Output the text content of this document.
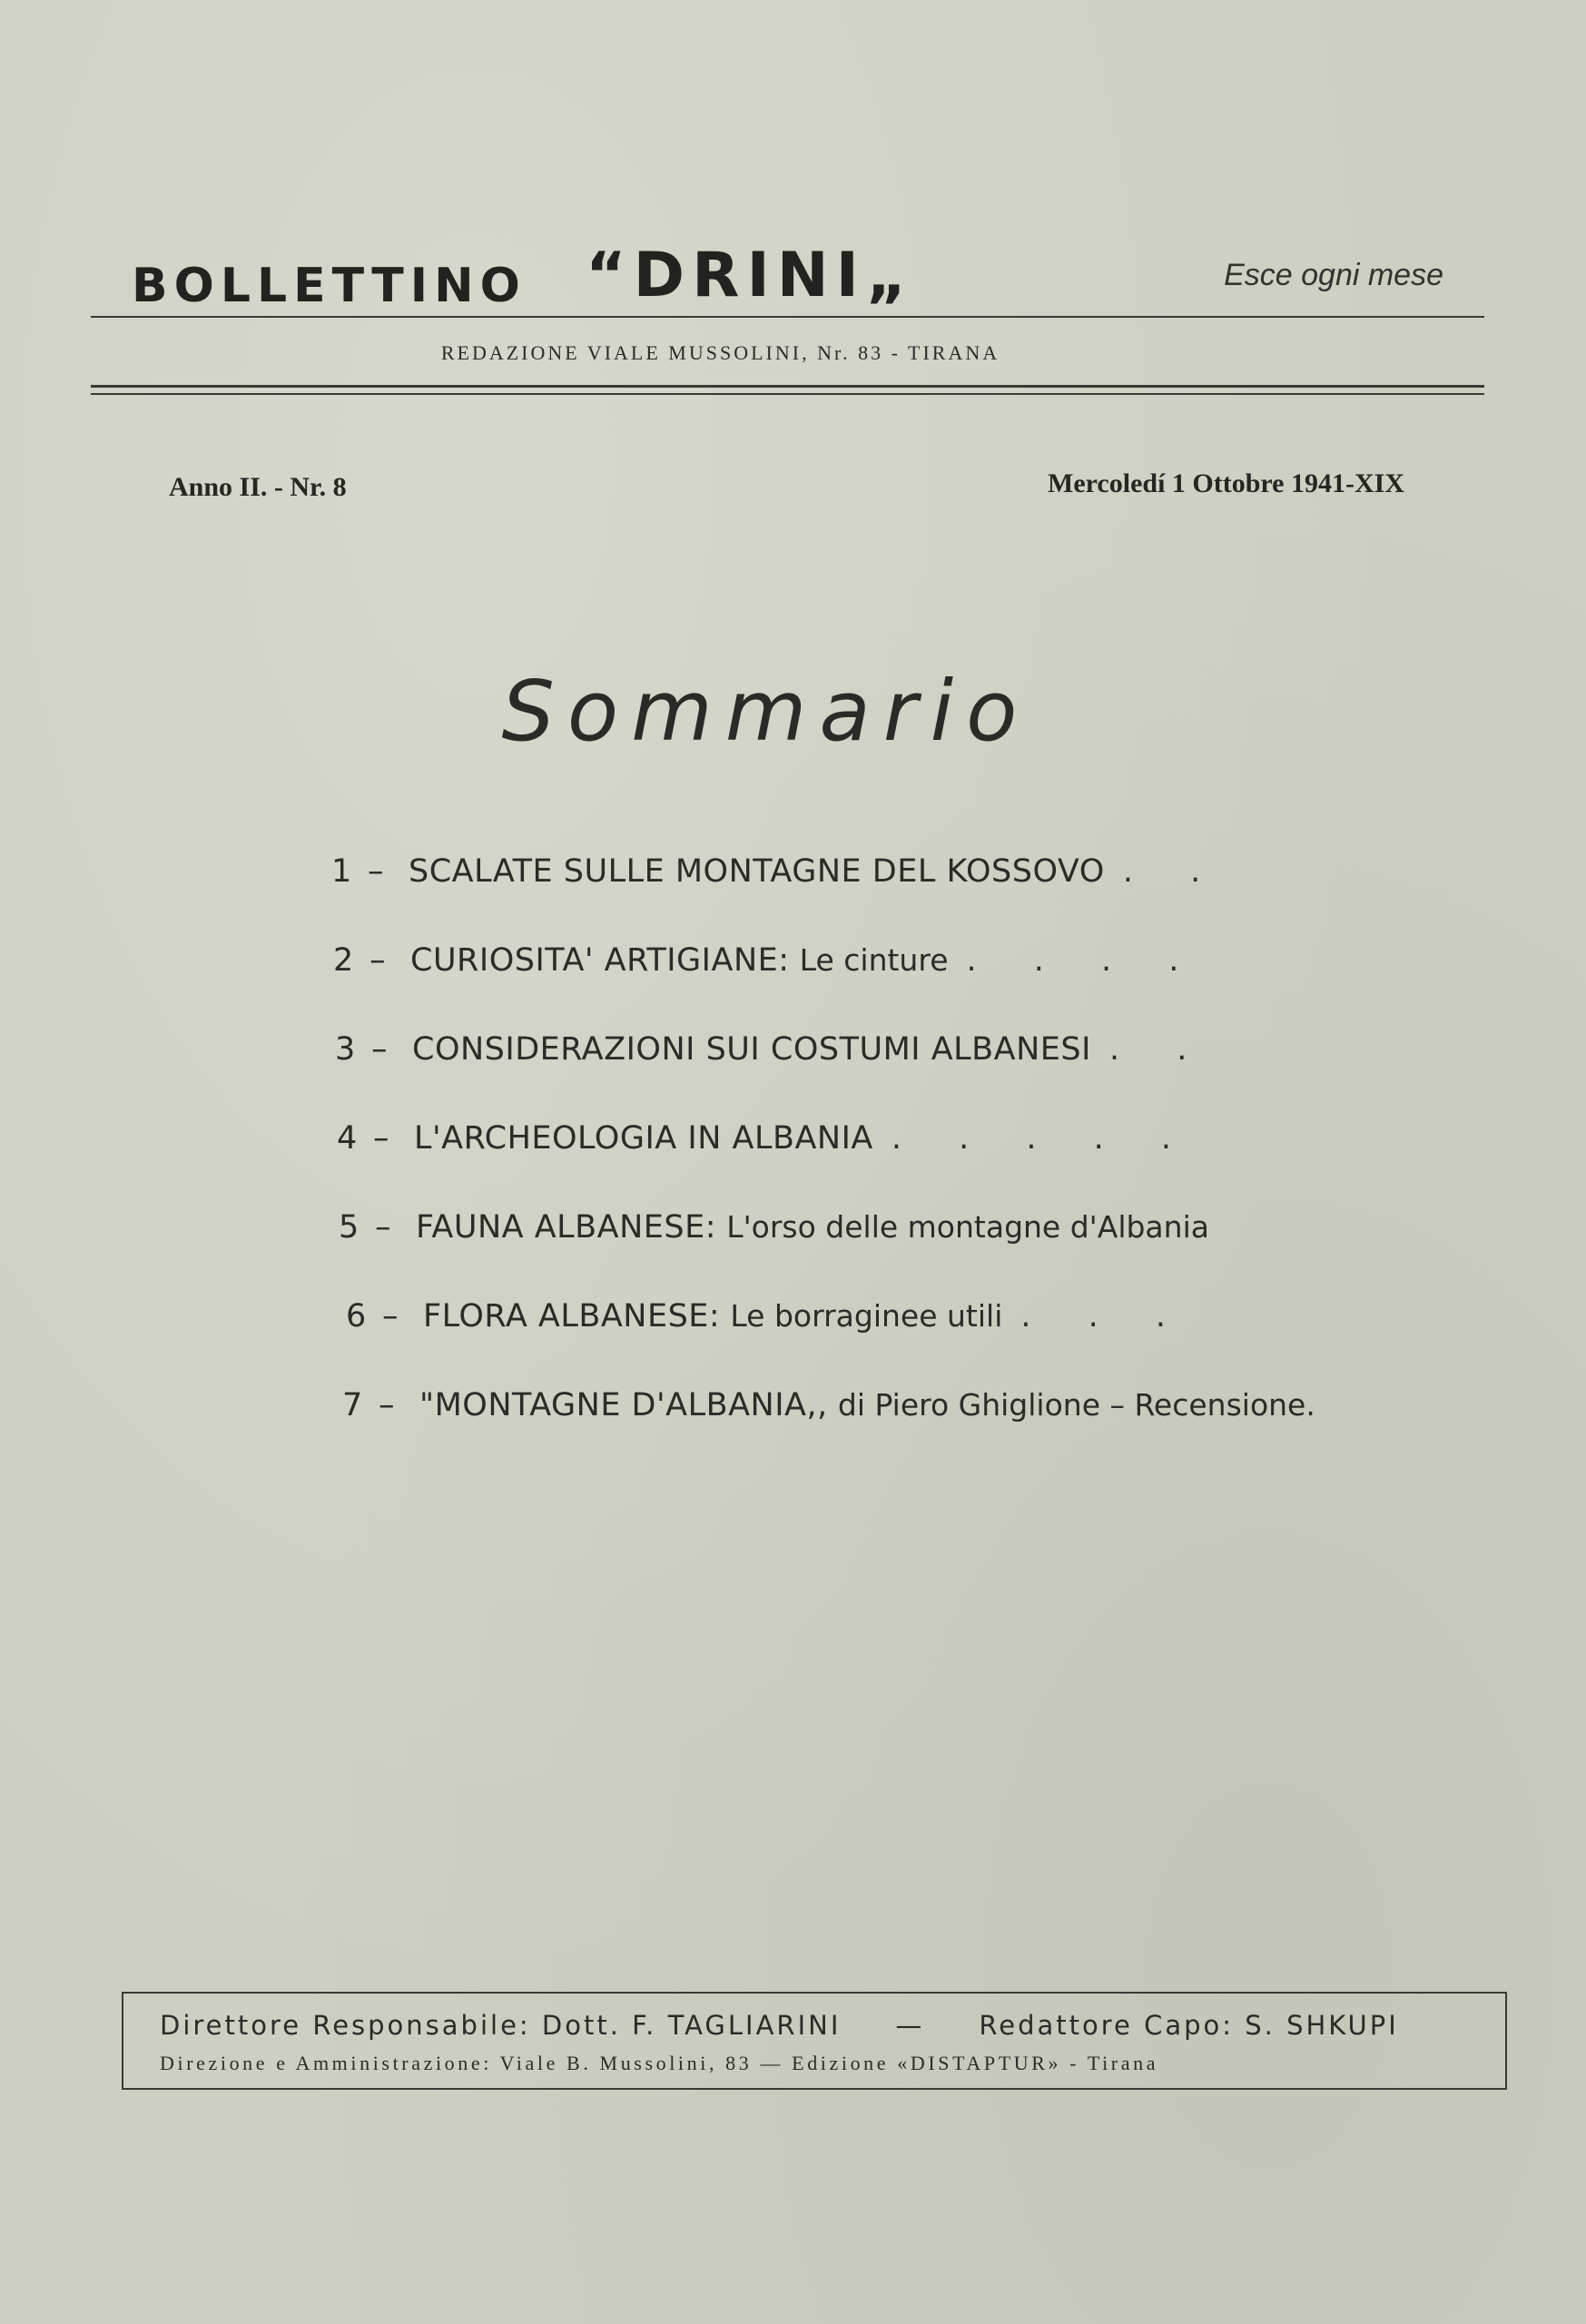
BOLLETTINO “DRINI„	Esce ogni mese
REDAZIONE VIALE MUSSOLINI, Nr. 83 - TIRANA
Anno II. - Nr. 8	Mercoledí 1 Ottobre 1941-XIX
Sommario
1 – SCALATE SULLE MONTAGNE DEL KOSSOVO . .
2 – CURIOSITA' ARTIGIANE: Le cinture . . . .
3 – CONSIDERAZIONI SUI COSTUMI ALBANESI . .
4 – L'ARCHEOLOGIA IN ALBANIA . . . . .
5 – FAUNA ALBANESE: L'orso delle montagne d'Albania
6 – FLORA ALBANESE: Le borraginee utili . . .
7 – "MONTAGNE D'ALBANIA,, di Piero Ghiglione – Recensione.
Direttore Responsabile: Dott. F. TAGLIARINI — Redattore Capo: S. SHKUPI
Direzione e Amministrazione: Viale B. Mussolini, 83 — Edizione «DISTAPTUR» - Tirana
